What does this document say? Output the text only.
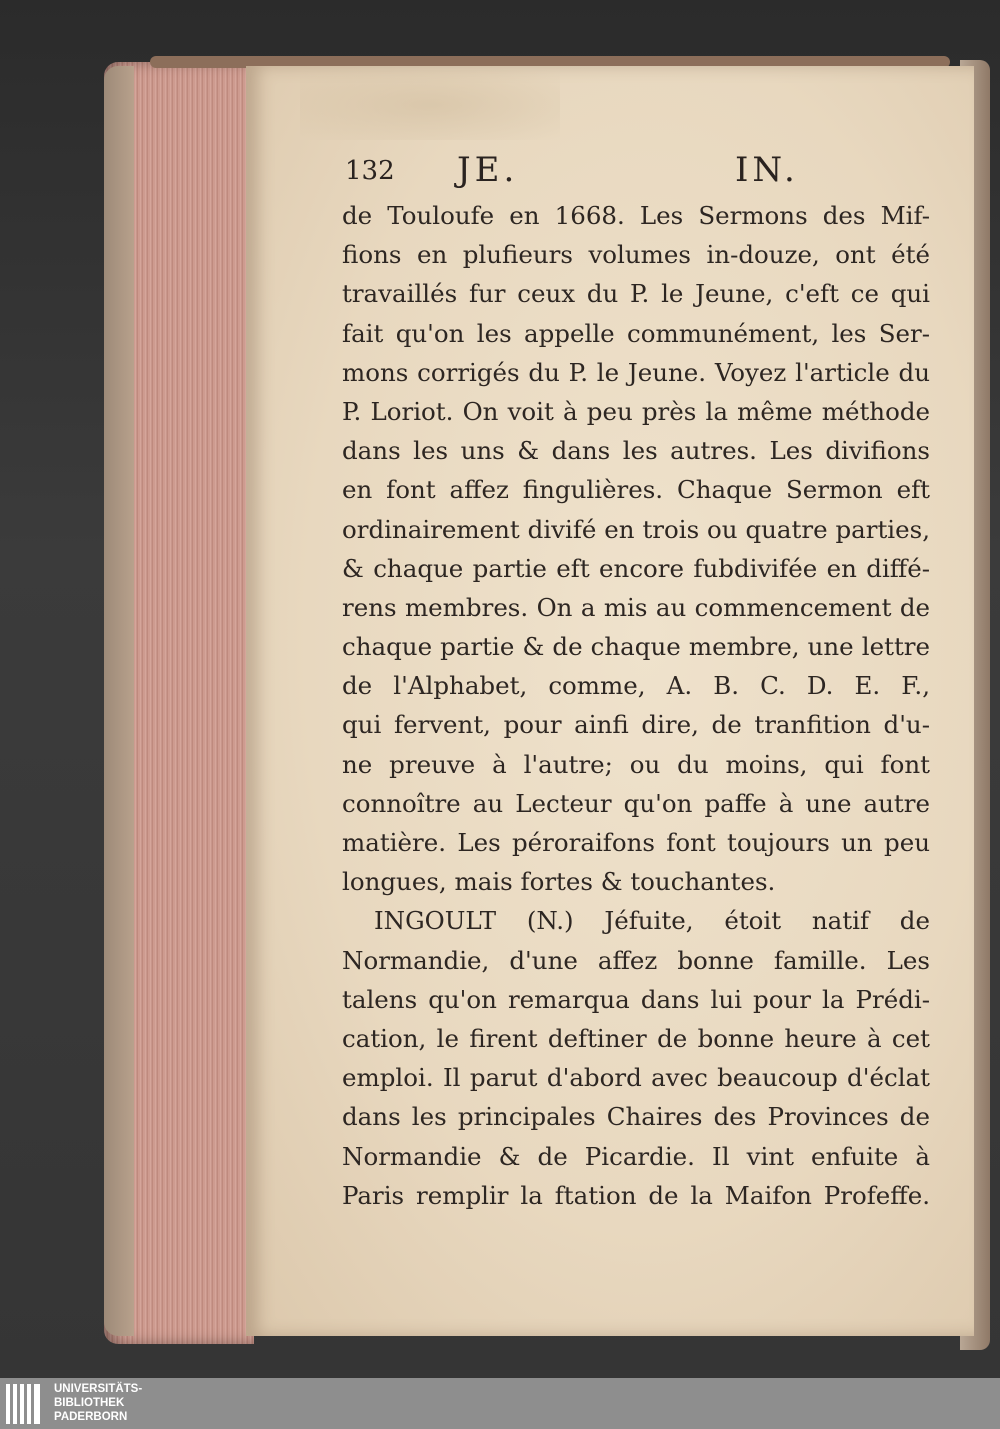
132 JE.	IN.
de Touloufe en 1668. Les Sermons des Mif-
fions en plufieurs volumes in-douze, ont été
travaillés fur ceux du P. le Jeune, c'eft ce qui
fait qu'on les appelle communément, les Ser-
mons corrigés du P. le Jeune. Voyez l'article du
P. Loriot. On voit à peu près la même méthode
dans les uns & dans les autres. Les divifions
en font affez fingulières. Chaque Sermon eft
ordinairement divifé en trois ou quatre parties,
& chaque partie eft encore fubdivifée en diffé-
rens membres. On a mis au commencement de
chaque partie & de chaque membre, une lettre
de l'Alphabet, comme, A. B. C. D. E. F.,
qui fervent, pour ainfi dire, de tranfition d'u-
ne preuve à l'autre; ou du moins, qui font
connoître au Lecteur qu'on paffe à une autre
matière. Les péroraifons font toujours un peu
longues, mais fortes & touchantes.
INGOULT (N.) Jéfuite, étoit natif de
Normandie, d'une affez bonne famille. Les
talens qu'on remarqua dans lui pour la Prédi-
cation, le firent deftiner de bonne heure à cet
emploi. Il parut d'abord avec beaucoup d'éclat
dans les principales Chaires des Provinces de
Normandie & de Picardie. Il vint enfuite à
Paris remplir la ftation de la Maifon Profeffe.
UNIVERSITÄTS-
BIBLIOTHEK
PADERBORN
